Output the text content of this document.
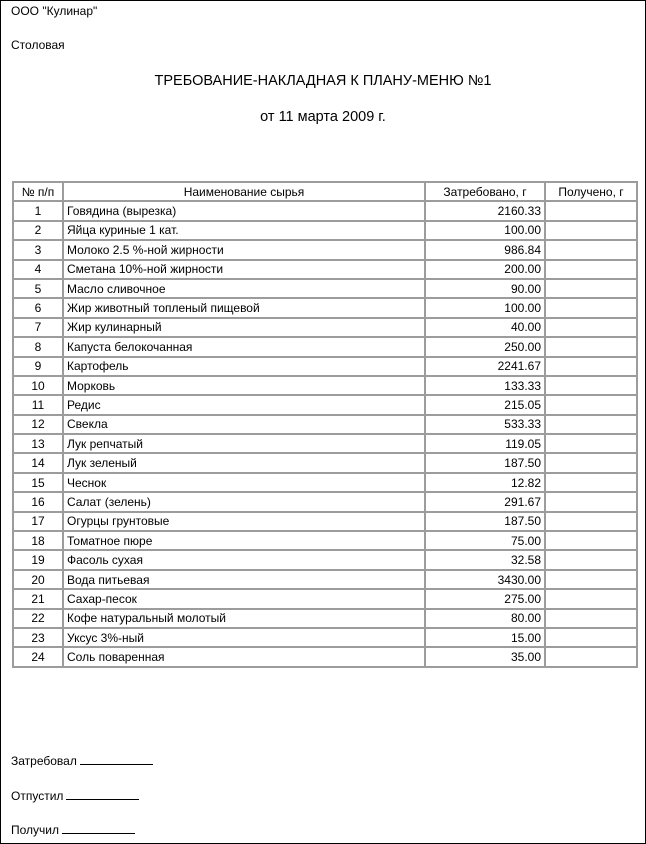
ООО "Кулинар"
Столовая
ТРЕБОВАНИЕ-НАКЛАДНАЯ К ПЛАНУ-МЕНЮ №1
от 11 марта 2009 г.
№ п/п	Наименование сырья	Затребовано, г	Получено, г
1	Говядина (вырезка)	2160.33	
2	Яйца куриные 1 кат.	100.00	
3	Молоко 2.5 %-ной жирности	986.84	
4	Сметана 10%-ной жирности	200.00	
5	Масло сливочное	90.00	
6	Жир животный топленый пищевой	100.00	
7	Жир кулинарный	40.00	
8	Капуста белокочанная	250.00	
9	Картофель	2241.67	
10	Морковь	133.33	
11	Редис	215.05	
12	Свекла	533.33	
13	Лук репчатый	119.05	
14	Лук зеленый	187.50	
15	Чеснок	12.82	
16	Салат (зелень)	291.67	
17	Огурцы грунтовые	187.50	
18	Томатное пюре	75.00	
19	Фасоль сухая	32.58	
20	Вода питьевая	3430.00	
21	Сахар-песок	275.00	
22	Кофе натуральный молотый	80.00	
23	Уксус 3%-ный	15.00	
24	Соль поваренная	35.00	
Затребовал
Отпустил
Получил
